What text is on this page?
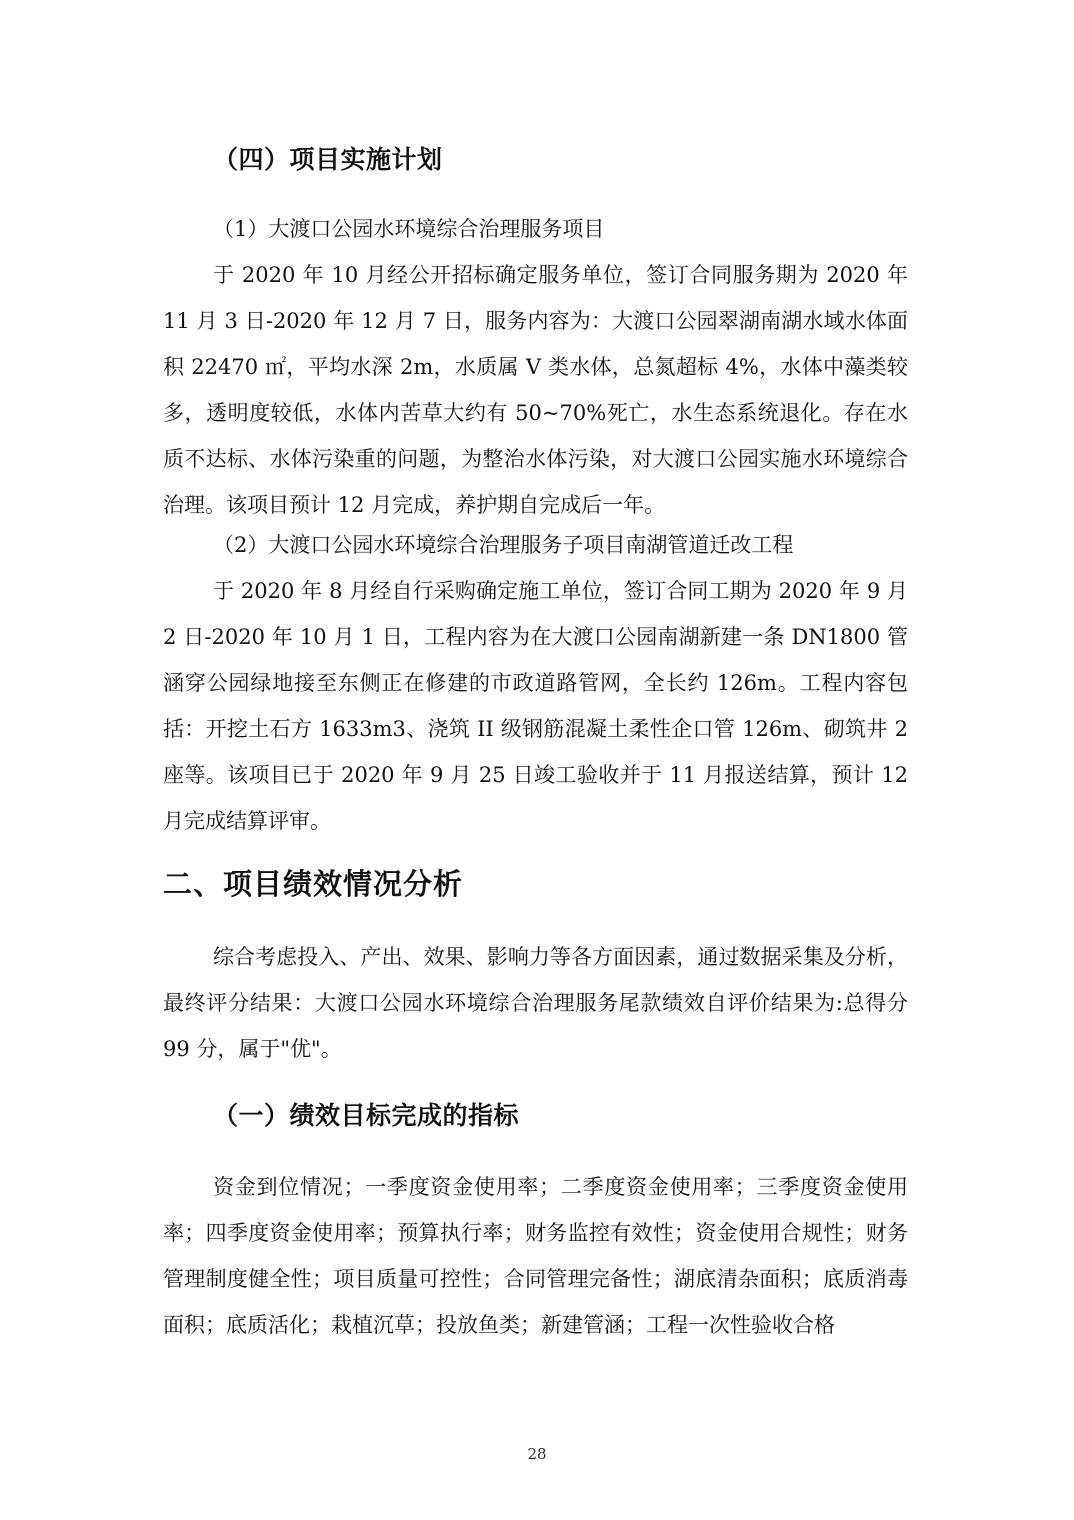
（四）项目实施计划

（1）大渡口公园水环境综合治理服务项目

于 2020 年 10 月经公开招标确定服务单位，签订合同服务期为 2020 年 11 月 3 日-2020 年 12 月 7 日，服务内容为：大渡口公园翠湖南湖水域水体面积 22470 ㎡，平均水深 2m，水质属 V 类水体，总氮超标 4%，水体中藻类较多，透明度较低，水体内苦草大约有 50~70%死亡，水生态系统退化。存在水质不达标、水体污染重的问题，为整治水体污染，对大渡口公园实施水环境综合治理。该项目预计 12 月完成，养护期自完成后一年。

（2）大渡口公园水环境综合治理服务子项目南湖管道迁改工程

于 2020 年 8 月经自行采购确定施工单位，签订合同工期为 2020 年 9 月 2 日-2020 年 10 月 1 日，工程内容为在大渡口公园南湖新建一条 DN1800 管涵穿公园绿地接至东侧正在修建的市政道路管网，全长约 126m。工程内容包括：开挖土石方 1633m3、浇筑 II 级钢筋混凝土柔性企口管 126m、砌筑井 2 座等。该项目已于 2020 年 9 月 25 日竣工验收并于 11 月报送结算，预计 12 月完成结算评审。

二、项目绩效情况分析

综合考虑投入、产出、效果、影响力等各方面因素，通过数据采集及分析，最终评分结果：大渡口公园水环境综合治理服务尾款绩效自评价结果为:总得分 99 分，属于"优"。

（一）绩效目标完成的指标

资金到位情况；一季度资金使用率；二季度资金使用率；三季度资金使用率；四季度资金使用率；预算执行率；财务监控有效性；资金使用合规性；财务管理制度健全性；项目质量可控性；合同管理完备性；湖底清杂面积；底质消毒面积；底质活化；栽植沉草；投放鱼类；新建管涵；工程一次性验收合格

28
